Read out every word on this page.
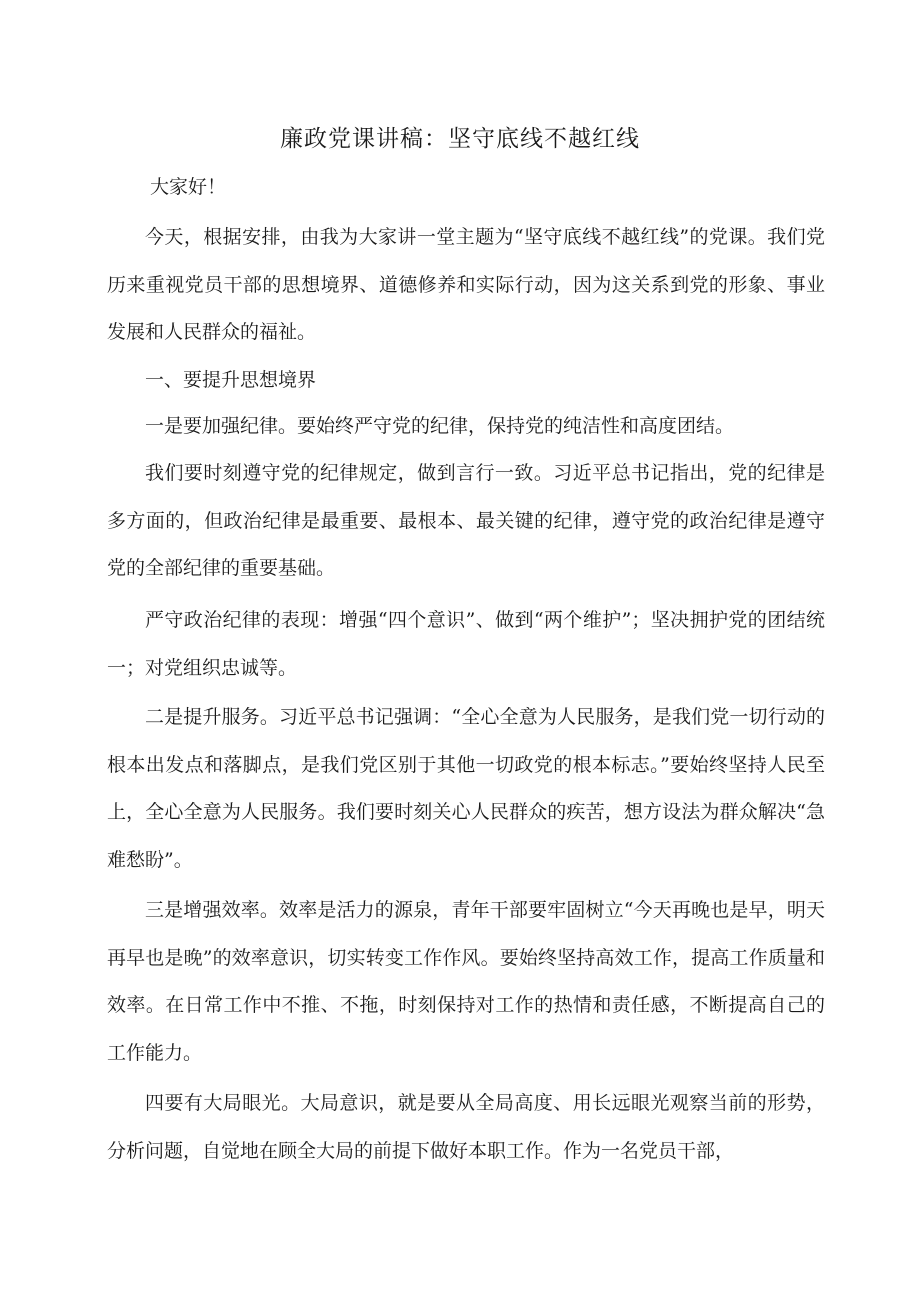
廉政党课讲稿：坚守底线不越红线
大家好！

今天，根据安排，由我为大家讲一堂主题为“坚守底线不越红线”的党课。我们党历来重视党员干部的思想境界、道德修养和实际行动，因为这关系到党的形象、事业发展和人民群众的福祉。

一、要提升思想境界

一是要加强纪律。要始终严守党的纪律，保持党的纯洁性和高度团结。

我们要时刻遵守党的纪律规定，做到言行一致。习近平总书记指出，党的纪律是多方面的，但政治纪律是最重要、最根本、最关键的纪律，遵守党的政治纪律是遵守党的全部纪律的重要基础。

严守政治纪律的表现：增强“四个意识”、做到“两个维护”；坚决拥护党的团结统一；对党组织忠诚等。

二是提升服务。习近平总书记强调：“全心全意为人民服务，是我们党一切行动的根本出发点和落脚点，是我们党区别于其他一切政党的根本标志。”要始终坚持人民至上，全心全意为人民服务。我们要时刻关心人民群众的疾苦，想方设法为群众解决“急难愁盼”。

三是增强效率。效率是活力的源泉，青年干部要牢固树立“今天再晚也是早，明天再早也是晚”的效率意识，切实转变工作作风。要始终坚持高效工作，提高工作质量和效率。在日常工作中不推、不拖，时刻保持对工作的热情和责任感，不断提高自己的工作能力。

四要有大局眼光。大局意识，就是要从全局高度、用长远眼光观察当前的形势，分析问题，自觉地在顾全大局的前提下做好本职工作。作为一名党员干部，
